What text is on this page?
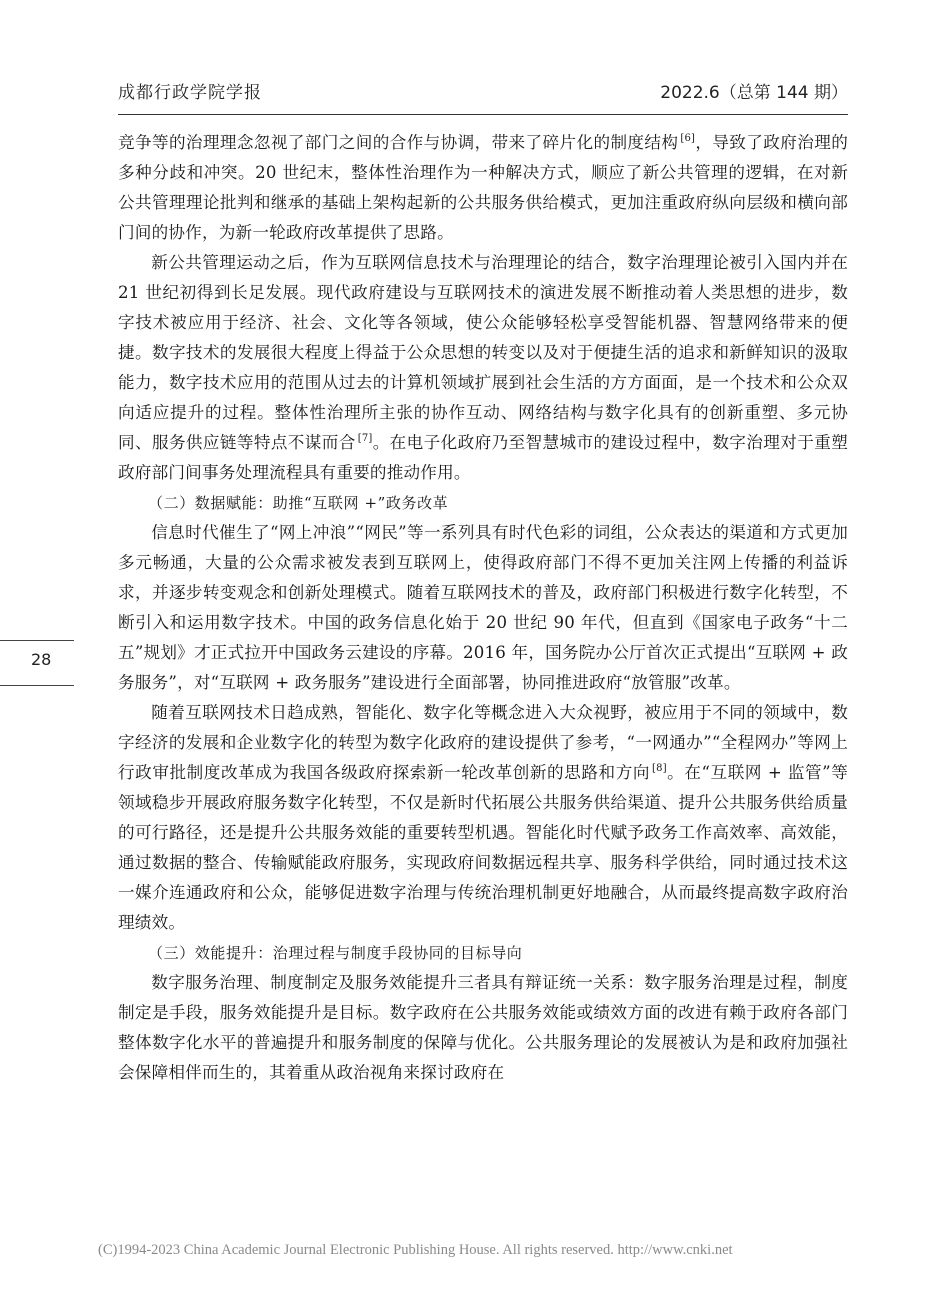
成都行政学院学报	2022.6（总第 144 期）
28

竞争等的治理理念忽视了部门之间的合作与协调，带来了碎片化的制度结构 [6]，导致了政府治理的多种分歧和冲突。20 世纪末，整体性治理作为一种解决方式，顺应了新公共管理的逻辑，在对新公共管理理论批判和继承的基础上架构起新的公共服务供给模式，更加注重政府纵向层级和横向部门间的协作，为新一轮政府改革提供了思路。

新公共管理运动之后，作为互联网信息技术与治理理论的结合，数字治理理论被引入国内并在 21 世纪初得到长足发展。现代政府建设与互联网技术的演进发展不断推动着人类思想的进步，数字技术被应用于经济、社会、文化等各领域，使公众能够轻松享受智能机器、智慧网络带来的便捷。数字技术的发展很大程度上得益于公众思想的转变以及对于便捷生活的追求和新鲜知识的汲取能力，数字技术应用的范围从过去的计算机领域扩展到社会生活的方方面面，是一个技术和公众双向适应提升的过程。整体性治理所主张的协作互动、网络结构与数字化具有的创新重塑、多元协同、服务供应链等特点不谋而合 [7]。在电子化政府乃至智慧城市的建设过程中，数字治理对于重塑政府部门间事务处理流程具有重要的推动作用。

（二）数据赋能：助推“互联网 +”政务改革

信息时代催生了“网上冲浪”“网民”等一系列具有时代色彩的词组，公众表达的渠道和方式更加多元畅通，大量的公众需求被发表到互联网上，使得政府部门不得不更加关注网上传播的利益诉求，并逐步转变观念和创新处理模式。随着互联网技术的普及，政府部门积极进行数字化转型，不断引入和运用数字技术。中国的政务信息化始于 20 世纪 90 年代，但直到《国家电子政务“十二五”规划》才正式拉开中国政务云建设的序幕。2016 年，国务院办公厅首次正式提出“互联网 + 政务服务”，对“互联网 + 政务服务”建设进行全面部署，协同推进政府“放管服”改革。

随着互联网技术日趋成熟，智能化、数字化等概念进入大众视野，被应用于不同的领域中，数字经济的发展和企业数字化的转型为数字化政府的建设提供了参考，“一网通办”“全程网办”等网上行政审批制度改革成为我国各级政府探索新一轮改革创新的思路和方向 [8]。在“互联网 + 监管”等领域稳步开展政府服务数字化转型，不仅是新时代拓展公共服务供给渠道、提升公共服务供给质量的可行路径，还是提升公共服务效能的重要转型机遇。智能化时代赋予政务工作高效率、高效能，通过数据的整合、传输赋能政府服务，实现政府间数据远程共享、服务科学供给，同时通过技术这一媒介连通政府和公众，能够促进数字治理与传统治理机制更好地融合，从而最终提高数字政府治理绩效。

（三）效能提升：治理过程与制度手段协同的目标导向

数字服务治理、制度制定及服务效能提升三者具有辩证统一关系：数字服务治理是过程，制度制定是手段，服务效能提升是目标。数字政府在公共服务效能或绩效方面的改进有赖于政府各部门整体数字化水平的普遍提升和服务制度的保障与优化。公共服务理论的发展被认为是和政府加强社会保障相伴而生的，其着重从政治视角来探讨政府在

(C)1994-2023 China Academic Journal Electronic Publishing House. All rights reserved. http://www.cnki.net
